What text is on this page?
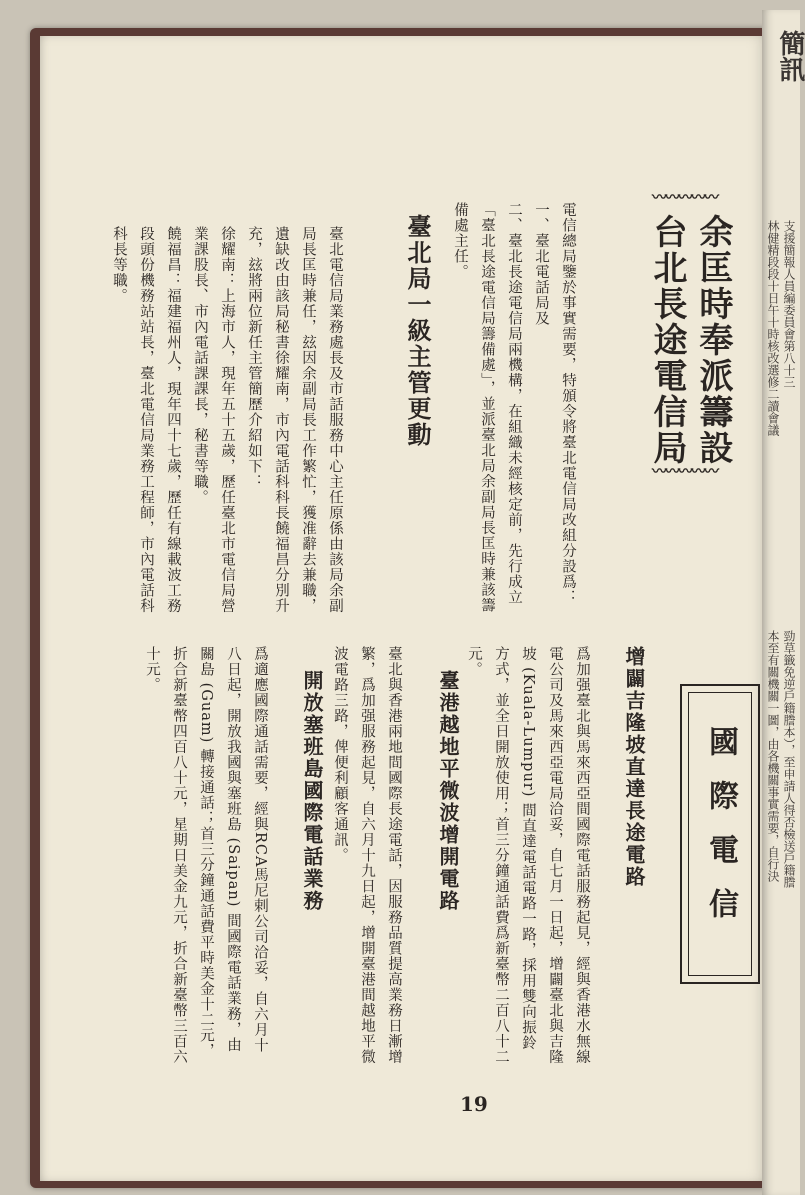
〰〰〰〰〰
余匡時奉派籌設
台北長途電信局
〰〰〰〰〰
電信總局鑒於事實需要，特頒令將臺北電信局改組分設爲：
一、臺北電話局及
二、臺北長途電信局兩機構，在組織未經核定前，先行成立「臺北長途電信局籌備處」，並派臺北局余副局長匡時兼該籌備處主任。
臺北局一級主管更動
臺北電信局業務處長及市話服務中心主任原係由該局余副局長匡時兼任，玆因余副局長工作繁忙，獲准辭去兼職，遺缺改由該局秘書徐耀南，市內電話科科長饒福昌分別升充，玆將兩位新任主管簡歷介紹如下：
徐耀南：上海市人，現年五十五歲，歷任臺北市電信局營業課股長、市內電話課課長，秘書等職。
饒福昌：福建福州人，現年四十七歲，歷任有線載波工務段頭份機務站站長，臺北電信局業務工程師，市內電話科科長等職。
國際電信
增闢吉隆坡直達長途電路
爲加强臺北與馬來西亞間國際電話服務起見，經與香港水無線電公司及馬來西亞電局洽妥，自七月一日起，增闢臺北與吉隆坡 (Kuala-Lumpur) 間直達電話電路一路，採用雙向振鈴方式，並全日開放使用；首三分鐘通話費爲新臺幣二百八十二元。
臺港越地平微波增開電路
臺北與香港兩地間國際長途電話，因服務品質提高業務日漸增繁，爲加强服務起見，自六月十九日起，增開臺港間越地平微波電路三路，俾便利顧客通訊。
開放塞班島國際電話業務
爲適應國際通話需要，經與RCA馬尼剌公司洽妥，自六月十八日起，開放我國與塞班島 (Saipan) 間國際電話業務，由關島 (Guam) 轉接通話；首三分鐘通話費平時美金十二元，折合新臺幣四百八十元，星期日美金九元，折合新臺幣三百六十元。
19
簡訊
支援簡報人員編委員會第八十三
林健精段段十日午十時核改選修二讀會議
勁草籤免逆戶籍謄本），至申請人得否檢送戶籍謄
本至有關機關一圖，由各機關事實需要，自行決
